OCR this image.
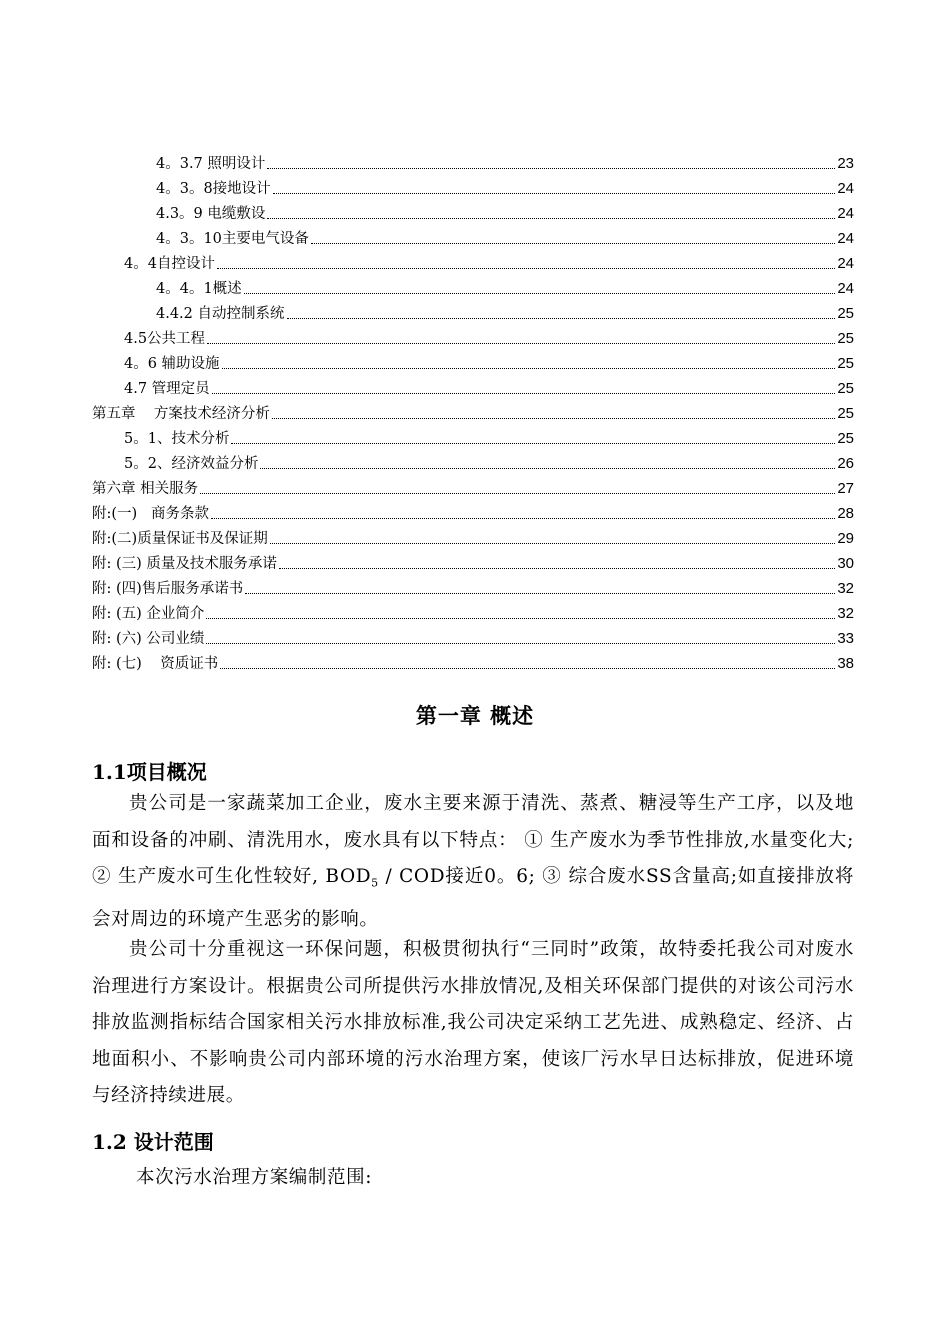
4。3.7 照明设计	23
4。3。8接地设计	24
4.3。9 电缆敷设	24
4。3。10主要电气设备	24
4。4自控设计	24
4。4。1概述	24
4.4.2 自动控制系统	25
4.5公共工程	25
4。6 辅助设施	25
4.7 管理定员	25
第五章    方案技术经济分析	25
5。1、技术分析	25
5。2、经济效益分析	26
第六章 相关服务	27
附:(一)   商务条款	28
附:(二)质量保证书及保证期	29
附: (三) 质量及技术服务承诺	30
附: (四)售后服务承诺书	32
附: (五) 企业简介	32
附: (六) 公司业绩	33
附: (七)    资质证书	38
第一章 概述
1.1项目概况
贵公司是一家蔬菜加工企业，废水主要来源于清洗、蒸煮、糖浸等生产工序，以及地面和设备的冲刷、清洗用水，废水具有以下特点： ① 生产废水为季节性排放,水量变化大; ② 生产废水可生化性较好, $BOD_5$ / COD接近0。6; ③ 综合废水SS含量高;如直接排放将会对周边的环境产生恶劣的影响。
贵公司十分重视这一环保问题，积极贯彻执行“三同时”政策，故特委托我公司对废水治理进行方案设计。根据贵公司所提供污水排放情况,及相关环保部门提供的对该公司污水排放监测指标结合国家相关污水排放标准,我公司决定采纳工艺先进、成熟稳定、经济、占地面积小、不影响贵公司内部环境的污水治理方案，使该厂污水早日达标排放，促进环境与经济持续进展。
1.2 设计范围
本次污水治理方案编制范围:
